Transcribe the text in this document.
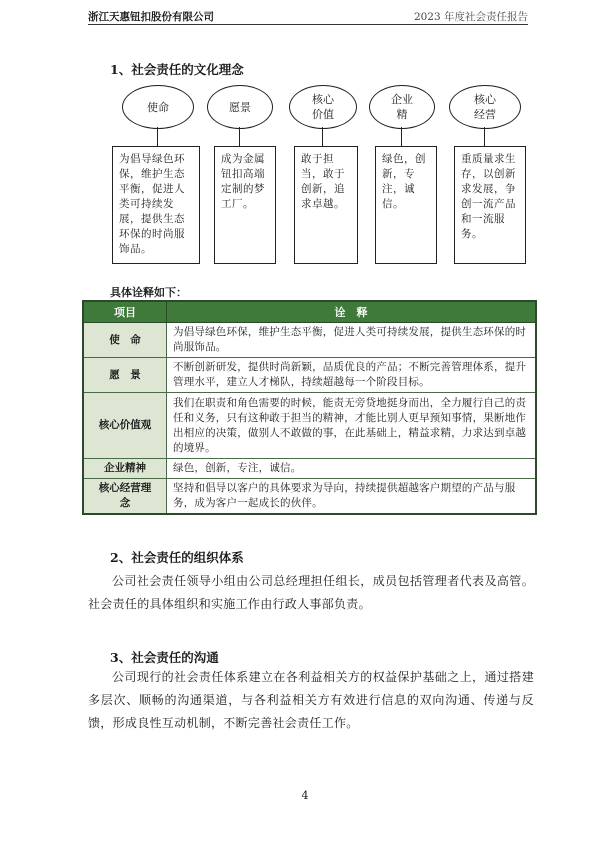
浙江天惠钮扣股份有限公司	2023 年度社会责任报告
1、社会责任的文化理念
使命	愿景
核心
价值
企业
精
核心
经营
为倡导绿色环保，维护生态平衡，促进人类可持续发展，提供生态环保的时尚服饰品。
成为金属钮扣高端定制的梦工厂。
敢于担当，敢于创新，追求卓越。
绿色，创新，专注，诚信。
重质量求生存，以创新求发展，争创一流产品和一流服务。
具体诠释如下：
项目	诠　释
使　命	为倡导绿色环保，维护生态平衡，促进人类可持续发展，提供生态环保的时尚服饰品。
愿　景	不断创新研发，提供时尚新颖，品质优良的产品；不断完善管理体系，提升管理水平，建立人才梯队，持续超越每一个阶段目标。
核心价值观	我们在职责和角色需要的时候，能责无旁贷地挺身而出，全力履行自己的责任和义务，只有这种敢于担当的精神，才能比别人更早预知事情，果断地作出相应的决策，做别人不敢做的事，在此基础上，精益求精，力求达到卓越的境界。
企业精神	绿色，创新，专注，诚信。
核心经营理念	坚持和倡导以客户的具体要求为导向，持续提供超越客户期望的产品与服务，成为客户一起成长的伙伴。
2、社会责任的组织体系
公司社会责任领导小组由公司总经理担任组长，成员包括管理者代表及高管。社会责任的具体组织和实施工作由行政人事部负责。
3、社会责任的沟通
公司现行的社会责任体系建立在各利益相关方的权益保护基础之上，通过搭建多层次、顺畅的沟通渠道，与各利益相关方有效进行信息的双向沟通、传递与反馈，形成良性互动机制，不断完善社会责任工作。
4
